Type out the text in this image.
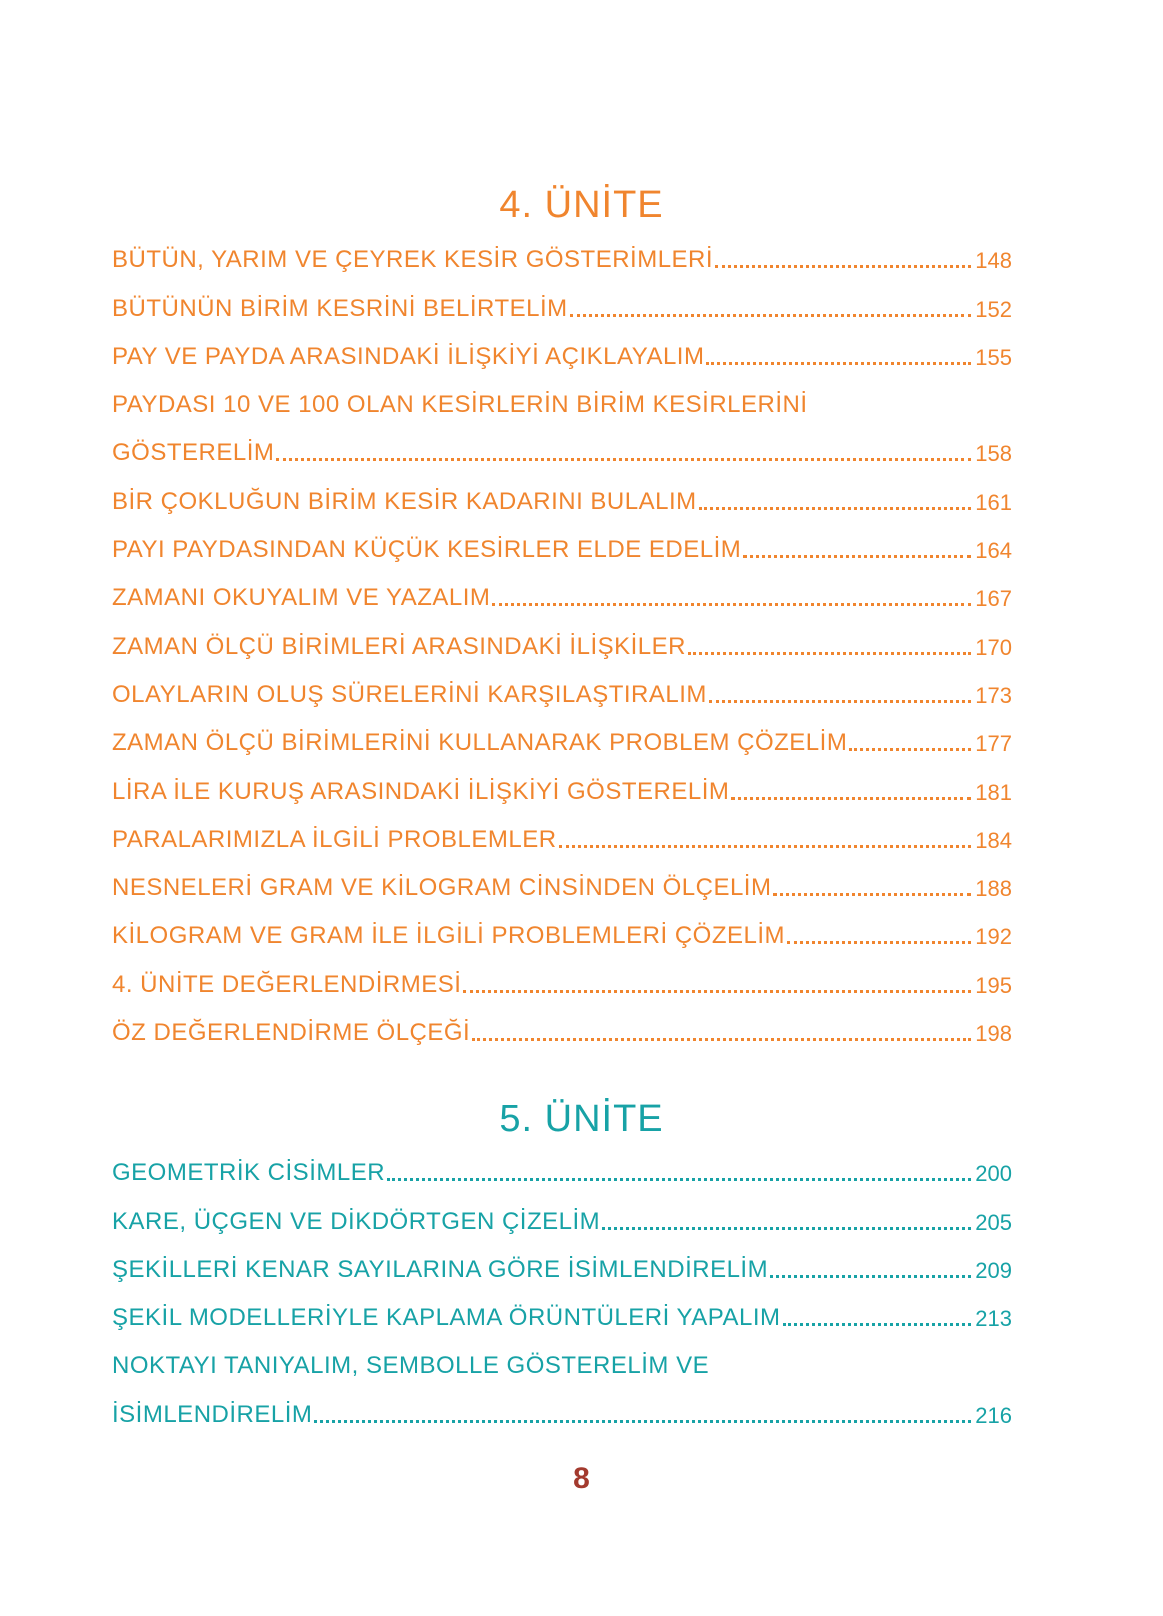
4. ÜNİTE
BÜTÜN, YARIM VE ÇEYREK KESİR GÖSTERİMLERİ	148
BÜTÜNÜN BİRİM KESRİNİ BELİRTELİM	152
PAY VE PAYDA ARASINDAKİ İLİŞKİYİ AÇIKLAYALIM	155
PAYDASI 10 VE 100 OLAN KESİRLERİN BİRİM KESİRLERİNİ
GÖSTERELİM	158
BİR ÇOKLUĞUN BİRİM KESİR KADARINI BULALIM	161
PAYI PAYDASINDAN KÜÇÜK KESİRLER ELDE EDELİM	164
ZAMANI OKUYALIM VE YAZALIM	167
ZAMAN ÖLÇÜ BİRİMLERİ ARASINDAKİ İLİŞKİLER	170
OLAYLARIN OLUŞ SÜRELERİNİ KARŞILAŞTIRALIM	173
ZAMAN ÖLÇÜ BİRİMLERİNİ KULLANARAK PROBLEM ÇÖZELİM	177
LİRA İLE KURUŞ ARASINDAKİ İLİŞKİYİ GÖSTERELİM	181
PARALARIMIZLA İLGİLİ PROBLEMLER	184
NESNELERİ GRAM VE KİLOGRAM CİNSİNDEN ÖLÇELİM	188
KİLOGRAM VE GRAM İLE İLGİLİ PROBLEMLERİ ÇÖZELİM	192
4. ÜNİTE DEĞERLENDİRMESİ	195
ÖZ DEĞERLENDİRME ÖLÇEĞİ	198
5. ÜNİTE
GEOMETRİK CİSİMLER	200
KARE, ÜÇGEN VE DİKDÖRTGEN ÇİZELİM	205
ŞEKİLLERİ KENAR SAYILARINA GÖRE İSİMLENDİRELİM	209
ŞEKİL MODELLERİYLE KAPLAMA ÖRÜNTÜLERİ YAPALIM	213
NOKTAYI TANIYALIM, SEMBOLLE GÖSTERELİM VE
İSİMLENDİRELİM	216
8
